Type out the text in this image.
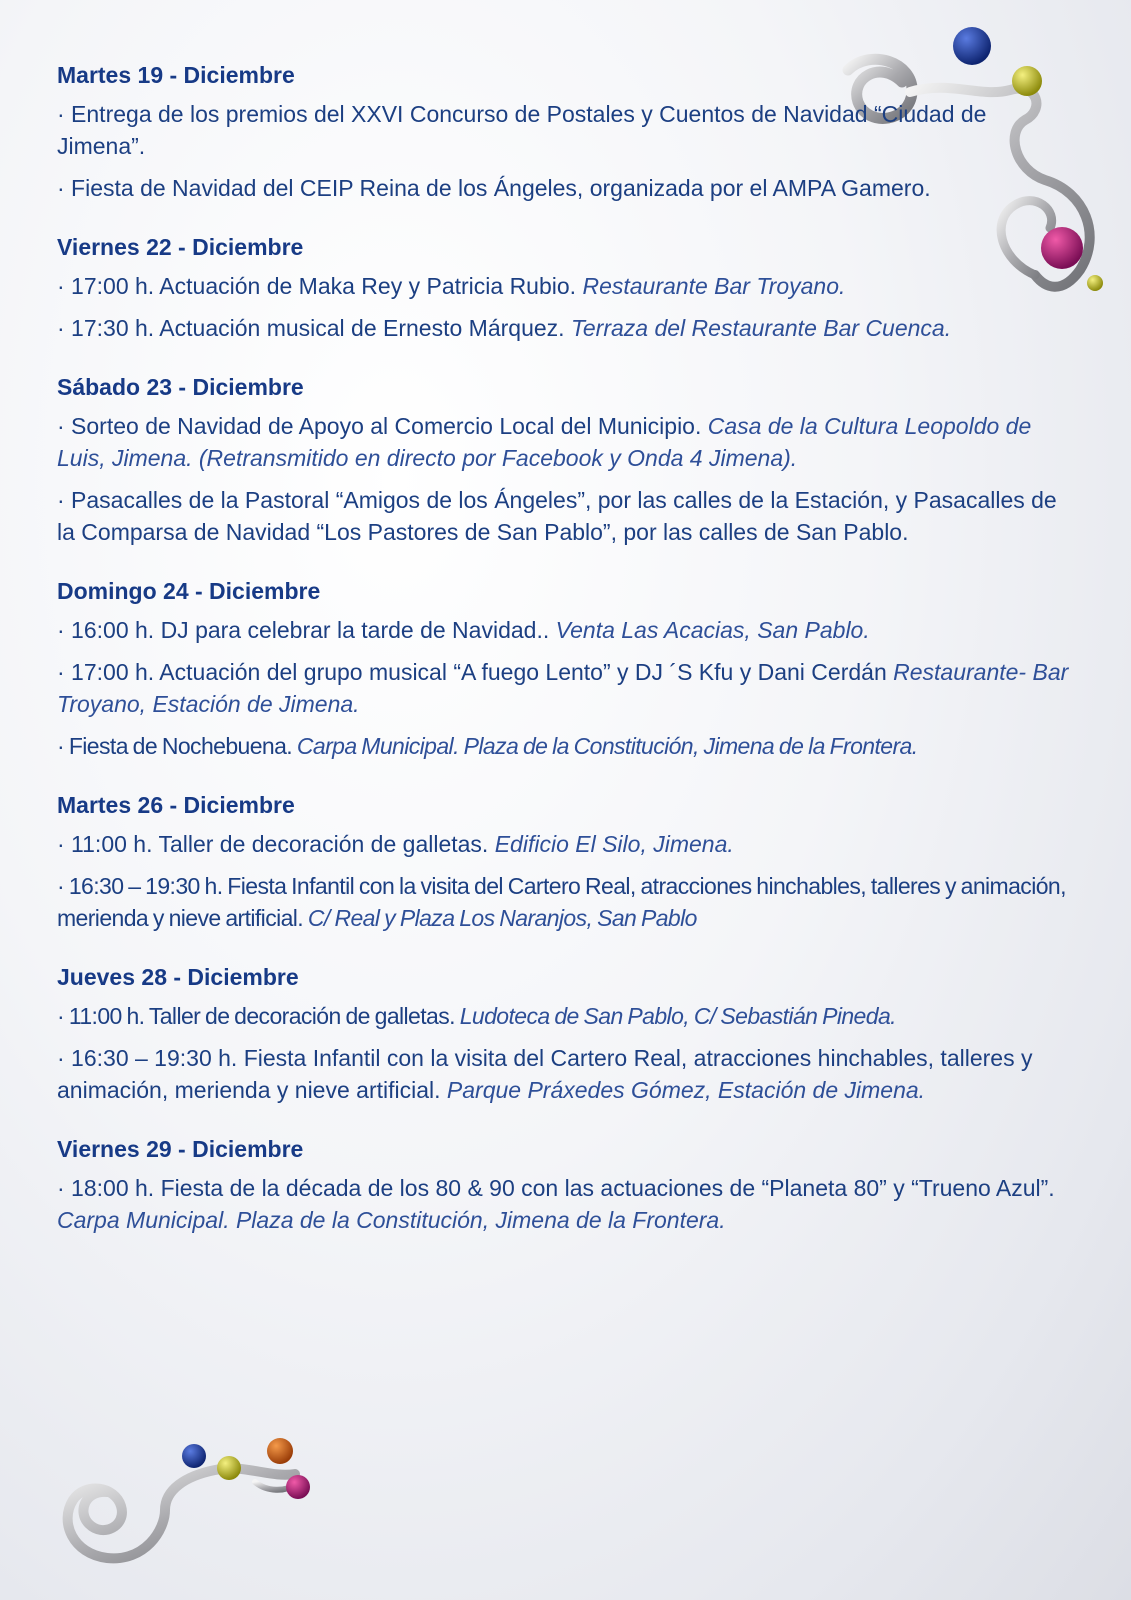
Martes 19 - Diciembre
· Entrega de los premios del XXVI Concurso de Postales y Cuentos de Navidad “Ciudad de Jimena”.
· Fiesta de Navidad del CEIP Reina de los Ángeles, organizada por el AMPA Gamero.
Viernes 22 - Diciembre
· 17:00 h. Actuación de Maka Rey y Patricia Rubio. Restaurante Bar Troyano.
· 17:30 h. Actuación musical de Ernesto Márquez. Terraza del Restaurante Bar Cuenca.
Sábado 23 - Diciembre
· Sorteo de Navidad de Apoyo al Comercio Local del Municipio. Casa de la Cultura Leopoldo de Luis, Jimena. (Retransmitido en directo por Facebook y Onda 4 Jimena).
· Pasacalles de la Pastoral “Amigos de los Ángeles”, por las calles de la Estación, y Pasacalles de la Comparsa de Navidad “Los Pastores de San Pablo”, por las calles de San Pablo.
Domingo 24 - Diciembre
· 16:00 h. DJ para celebrar la tarde de Navidad.. Venta Las Acacias, San Pablo.
· 17:00 h. Actuación del grupo musical “A fuego Lento” y DJ ´S Kfu y Dani Cerdán Restaurante- Bar Troyano, Estación de Jimena.
· Fiesta de Nochebuena. Carpa Municipal. Plaza de la Constitución, Jimena de la Frontera.
Martes 26 - Diciembre
· 11:00 h. Taller de decoración de galletas. Edificio El Silo, Jimena.
· 16:30 – 19:30 h. Fiesta Infantil con la visita del Cartero Real, atracciones hinchables, talleres y animación, merienda y nieve artificial. C/ Real y Plaza Los Naranjos, San Pablo
Jueves 28 - Diciembre
· 11:00 h. Taller de decoración de galletas. Ludoteca de San Pablo, C/ Sebastián Pineda.
· 16:30 – 19:30 h. Fiesta Infantil con la visita del Cartero Real, atracciones hinchables, talleres y animación, merienda y nieve artificial. Parque Práxedes Gómez, Estación de Jimena.
Viernes 29 - Diciembre
· 18:00 h. Fiesta de la década de los 80 & 90 con las actuaciones de “Planeta 80” y “Trueno Azul”. Carpa Municipal. Plaza de la Constitución, Jimena de la Frontera.
